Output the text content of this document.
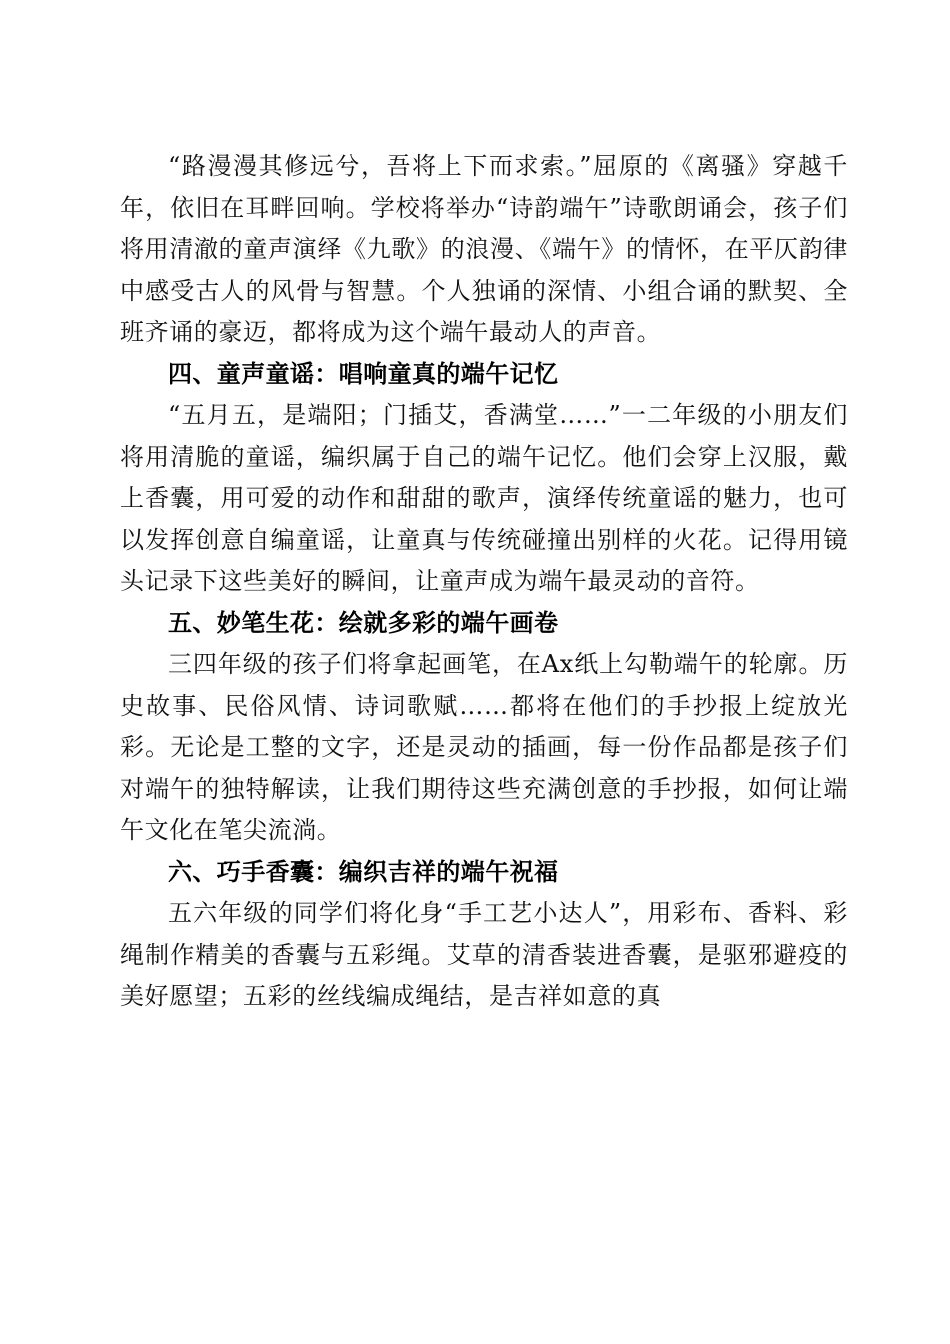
“路漫漫其修远兮，吾将上下而求索。”屈原的《离骚》穿越千年，依旧在耳畔回响。学校将举办“诗韵端午”诗歌朗诵会，孩子们将用清澈的童声演绎《九歌》的浪漫、《端午》的情怀，在平仄韵律中感受古人的风骨与智慧。个人独诵的深情、小组合诵的默契、全班齐诵的豪迈，都将成为这个端午最动人的声音。

四、童声童谣：唱响童真的端午记忆

“五月五，是端阳；门插艾，香满堂……”一二年级的小朋友们将用清脆的童谣，编织属于自己的端午记忆。他们会穿上汉服，戴上香囊，用可爱的动作和甜甜的歌声，演绎传统童谣的魅力，也可以发挥创意自编童谣，让童真与传统碰撞出别样的火花。记得用镜头记录下这些美好的瞬间，让童声成为端午最灵动的音符。

五、妙笔生花：绘就多彩的端午画卷

三四年级的孩子们将拿起画笔，在Ax纸上勾勒端午的轮廓。历史故事、民俗风情、诗词歌赋……都将在他们的手抄报上绽放光彩。无论是工整的文字，还是灵动的插画，每一份作品都是孩子们对端午的独特解读，让我们期待这些充满创意的手抄报，如何让端午文化在笔尖流淌。

六、巧手香囊：编织吉祥的端午祝福

五六年级的同学们将化身“手工艺小达人”，用彩布、香料、彩绳制作精美的香囊与五彩绳。艾草的清香装进香囊，是驱邪避疫的美好愿望；五彩的丝线编成绳结，是吉祥如意的真
